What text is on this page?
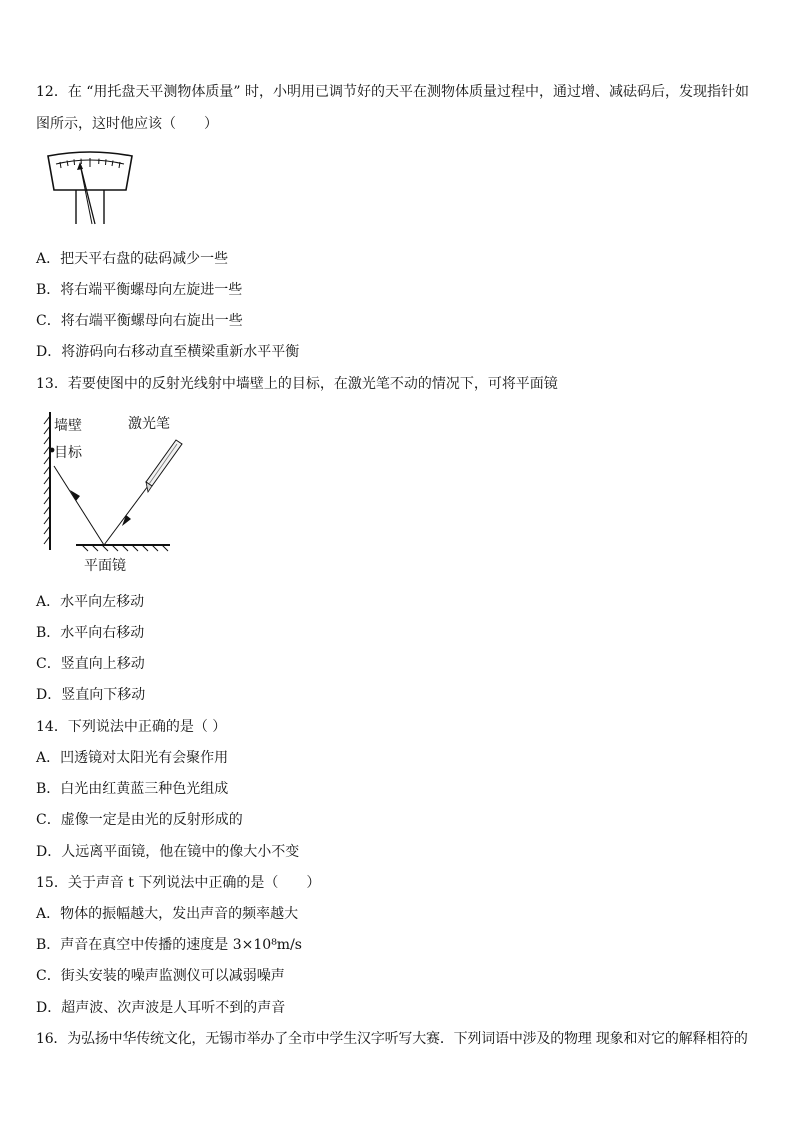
12．在 “用托盘天平测物体质量” 时，小明用已调节好的天平在测物体质量过程中，通过增、减砝码后，发现指针如
图所示，这时他应该（　　）
A．把天平右盘的砝码减少一些
B．将右端平衡螺母向左旋进一些
C．将右端平衡螺母向右旋出一些
D．将游码向右移动直至横梁重新水平平衡
13．若要使图中的反射光线射中墙壁上的目标，在激光笔不动的情况下，可将平面镜
墙壁
目标
激光笔
平面镜
A．水平向左移动
B．水平向右移动
C．竖直向上移动
D．竖直向下移动
14．下列说法中正确的是（ ）
A．凹透镜对太阳光有会聚作用
B．白光由红黄蓝三种色光组成
C．虚像一定是由光的反射形成的
D．人远离平面镜，他在镜中的像大小不变
15．关于声音 t 下列说法中正确的是（　　）
A．物体的振幅越大，发出声音的频率越大
B．声音在真空中传播的速度是 3×10⁸m/s
C．街头安装的噪声监测仪可以减弱噪声
D．超声波、次声波是人耳听不到的声音
16．为弘扬中华传统文化，无锡市举办了全市中学生汉字听写大赛．下列词语中涉及的物理 现象和对它的解释相符的
